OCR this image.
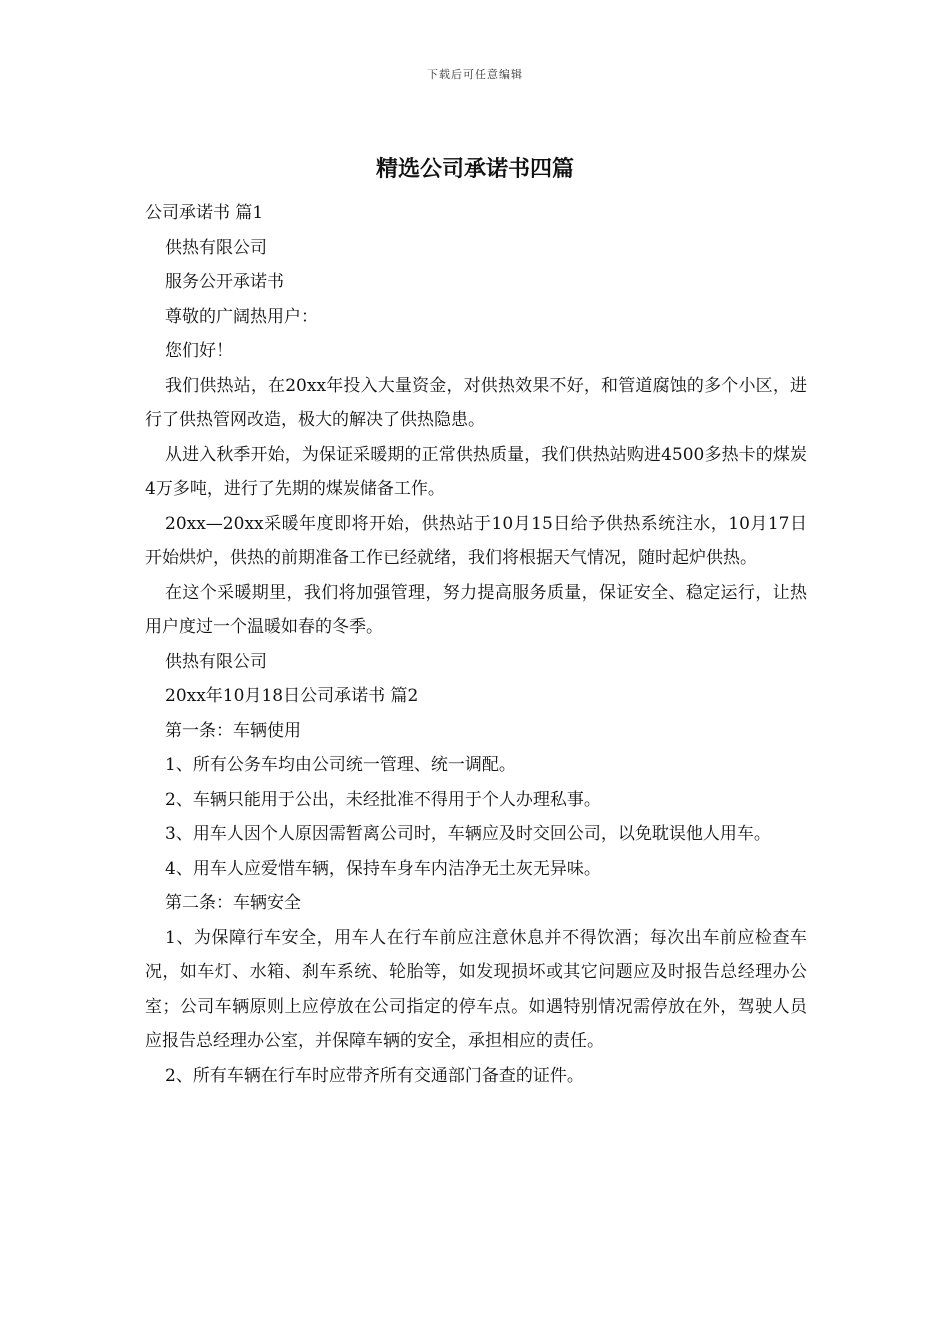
下载后可任意编辑
精选公司承诺书四篇

公司承诺书 篇1

供热有限公司

服务公开承诺书

尊敬的广阔热用户：

您们好！

我们供热站，在20xx年投入大量资金，对供热效果不好，和管道腐蚀的多个小区，进行了供热管网改造，极大的解决了供热隐患。

从进入秋季开始，为保证采暖期的正常供热质量，我们供热站购进4500多热卡的煤炭4万多吨，进行了先期的煤炭储备工作。

20xx—20xx采暖年度即将开始，供热站于10月15日给予供热系统注水，10月17日开始烘炉，供热的前期准备工作已经就绪，我们将根据天气情况，随时起炉供热。

在这个采暖期里，我们将加强管理，努力提高服务质量，保证安全、稳定运行，让热用户度过一个温暖如春的冬季。

供热有限公司

20xx年10月18日公司承诺书 篇2

第一条：车辆使用

1、所有公务车均由公司统一管理、统一调配。

2、车辆只能用于公出，未经批准不得用于个人办理私事。

3、用车人因个人原因需暂离公司时，车辆应及时交回公司，以免耽误他人用车。

4、用车人应爱惜车辆，保持车身车内洁净无土灰无异味。

第二条：车辆安全

1、为保障行车安全，用车人在行车前应注意休息并不得饮酒；每次出车前应检查车况，如车灯、水箱、刹车系统、轮胎等，如发现损坏或其它问题应及时报告总经理办公室；公司车辆原则上应停放在公司指定的停车点。如遇特别情况需停放在外，驾驶人员应报告总经理办公室，并保障车辆的安全，承担相应的责任。

2、所有车辆在行车时应带齐所有交通部门备查的证件。
